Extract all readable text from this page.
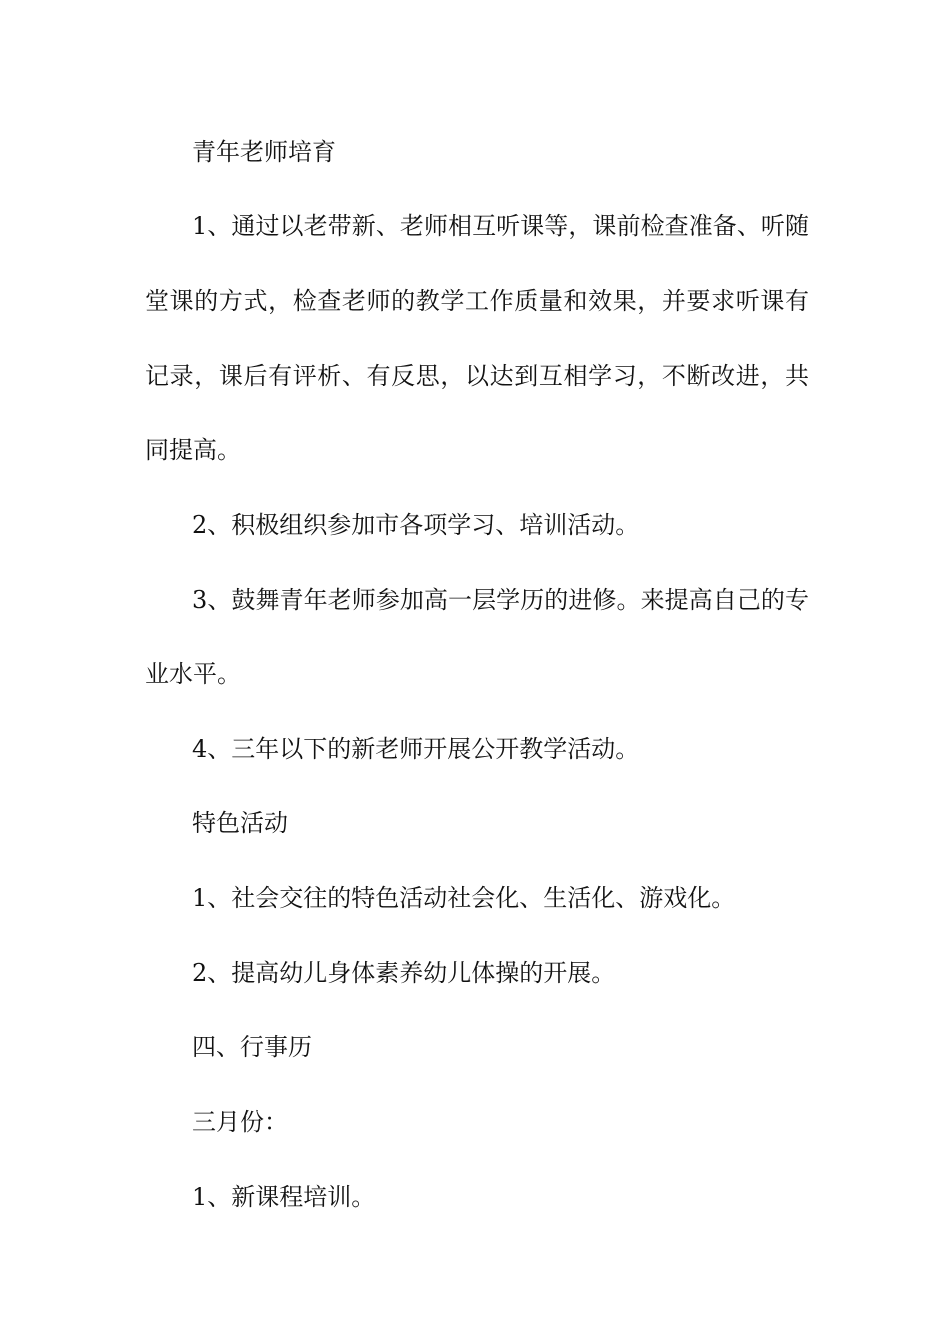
青年老师培育
1、通过以老带新、老师相互听课等，课前检查准备、听随
堂课的方式，检查老师的教学工作质量和效果，并要求听课有
记录，课后有评析、有反思，以达到互相学习，不断改进，共
同提高。
2、积极组织参加市各项学习、培训活动。
3、鼓舞青年老师参加高一层学历的进修。来提高自己的专
业水平。
4、三年以下的新老师开展公开教学活动。
特色活动
1、社会交往的特色活动社会化、生活化、游戏化。
2、提高幼儿身体素养幼儿体操的开展。
四、行事历
三月份：
1、新课程培训。
